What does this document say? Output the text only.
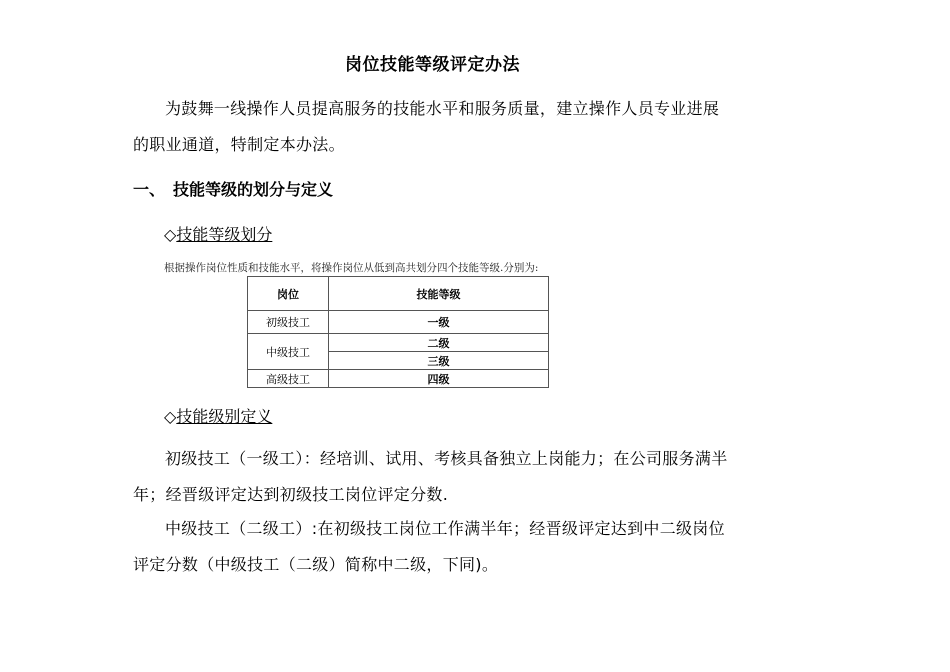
岗位技能等级评定办法
为鼓舞一线操作人员提高服务的技能水平和服务质量，建立操作人员专业进展的职业通道，特制定本办法。
一、 技能等级的划分与定义
◇技能等级划分
根据操作岗位性质和技能水平，将操作岗位从低到高共划分四个技能等级.分别为:
岗位	技能等级
初级技工	一级
中级技工	二级
	三级
高级技工	四级
◇技能级别定义
初级技工（一级工）：经培训、试用、考核具备独立上岗能力；在公司服务满半年；经晋级评定达到初级技工岗位评定分数.
中级技工（二级工）:在初级技工岗位工作满半年；经晋级评定达到中二级岗位评定分数（中级技工（二级）简称中二级，下同)。
